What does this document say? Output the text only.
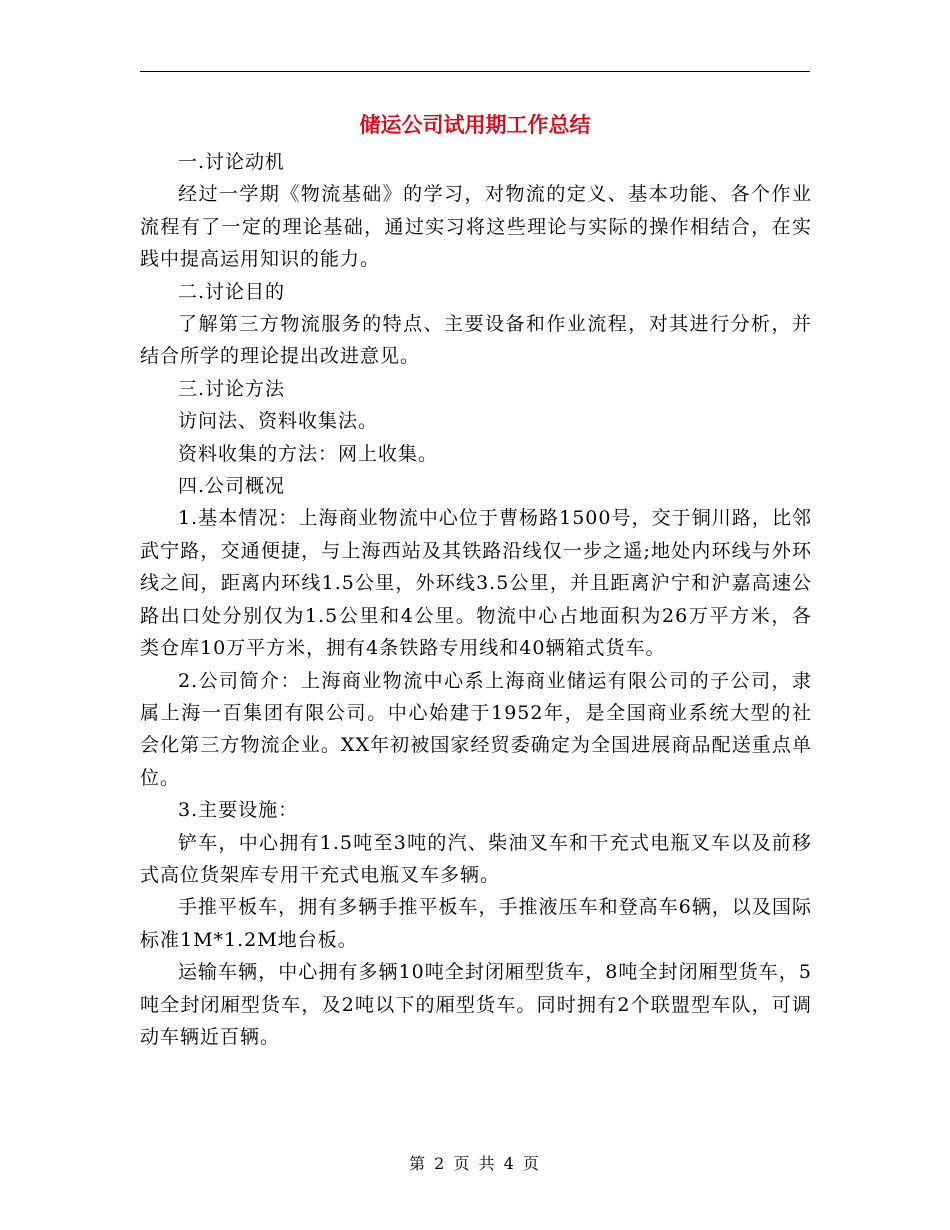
储运公司试用期工作总结

一.讨论动机

经过一学期《物流基础》的学习，对物流的定义、基本功能、各个作业流程有了一定的理论基础，通过实习将这些理论与实际的操作相结合，在实践中提高运用知识的能力。

二.讨论目的

了解第三方物流服务的特点、主要设备和作业流程，对其进行分析，并结合所学的理论提出改进意见。

三.讨论方法

访问法、资料收集法。

资料收集的方法：网上收集。

四.公司概况

1.基本情况：上海商业物流中心位于曹杨路1500号，交于铜川路，比邻武宁路，交通便捷，与上海西站及其铁路沿线仅一步之遥;地处内环线与外环线之间，距离内环线1.5公里，外环线3.5公里，并且距离沪宁和沪嘉高速公路出口处分别仅为1.5公里和4公里。物流中心占地面积为26万平方米，各类仓库10万平方米，拥有4条铁路专用线和40辆箱式货车。

2.公司简介：上海商业物流中心系上海商业储运有限公司的子公司，隶属上海一百集团有限公司。中心始建于1952年，是全国商业系统大型的社会化第三方物流企业。XX年初被国家经贸委确定为全国进展商品配送重点单位。

3.主要设施：

铲车，中心拥有1.5吨至3吨的汽、柴油叉车和干充式电瓶叉车以及前移式高位货架库专用干充式电瓶叉车多辆。

手推平板车，拥有多辆手推平板车，手推液压车和登高车6辆，以及国际标准1M*1.2M地台板。

运输车辆，中心拥有多辆10吨全封闭厢型货车，8吨全封闭厢型货车，5吨全封闭厢型货车，及2吨以下的厢型货车。同时拥有2个联盟型车队，可调动车辆近百辆。

第 2 页 共 4 页
